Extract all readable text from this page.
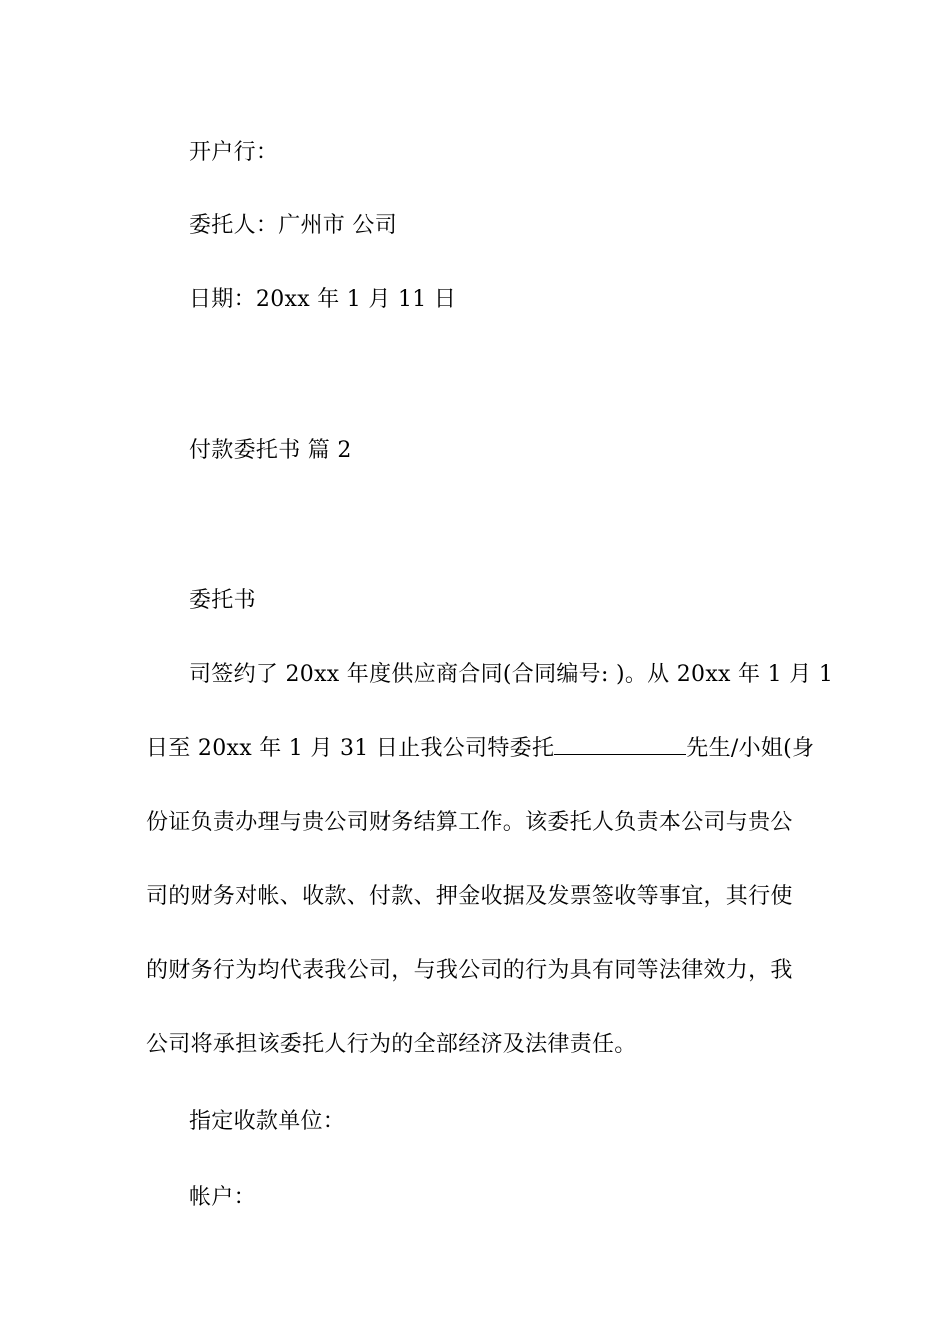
开户行：
委托人：广州市 公司
日期：20xx 年 1 月 11 日
付款委托书 篇 2
委托书
司签约了 20xx 年度供应商合同(合同编号: )。从 20xx 年 1 月 1
日至 20xx 年 1 月 31 日止我公司特委托	先生/小姐(身
份证负责办理与贵公司财务结算工作。该委托人负责本公司与贵公
司的财务对帐、收款、付款、押金收据及发票签收等事宜，其行使
的财务行为均代表我公司，与我公司的行为具有同等法律效力，我
公司将承担该委托人行为的全部经济及法律责任。
指定收款单位：
帐户：
